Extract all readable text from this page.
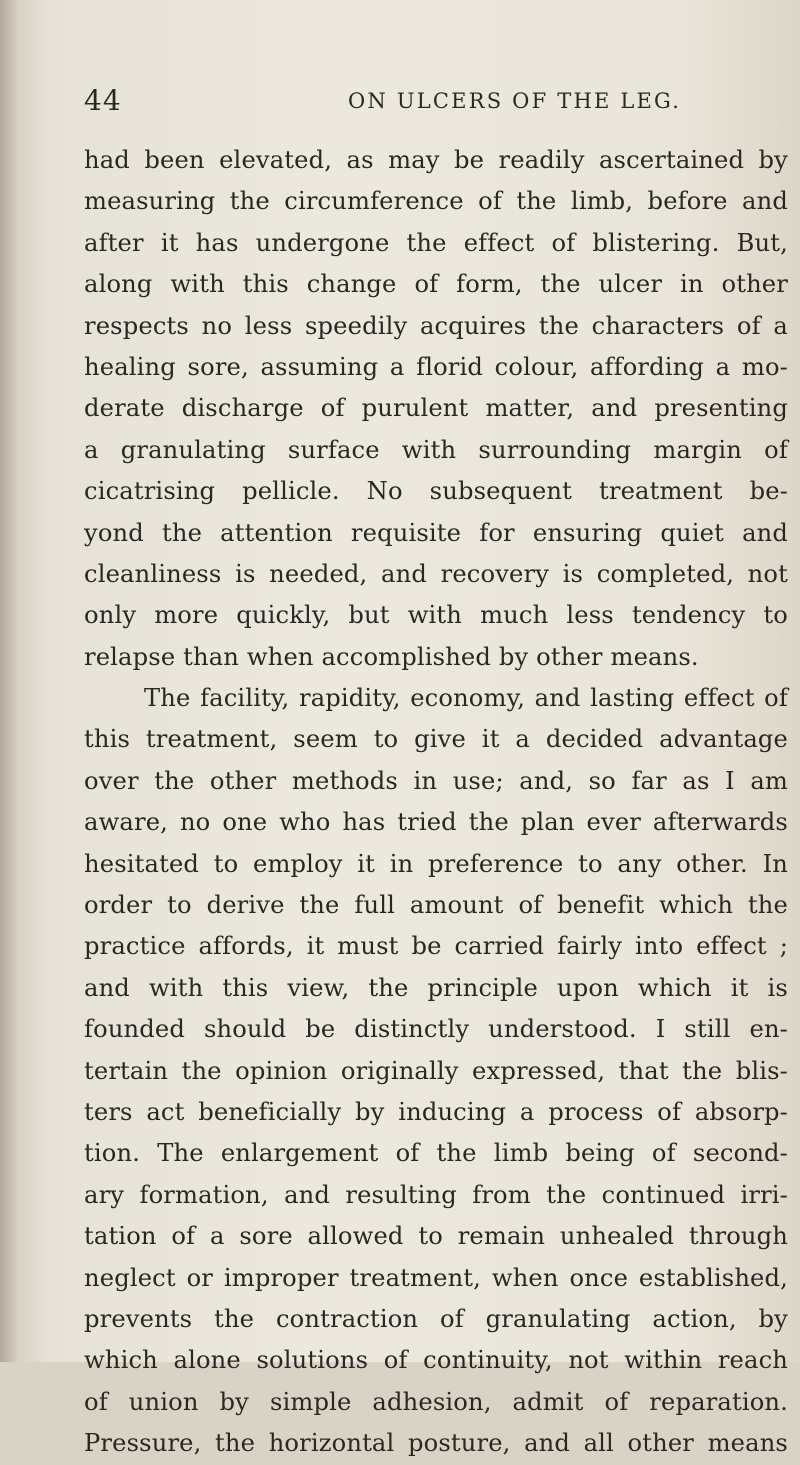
44	ON ULCERS OF THE LEG.
had been elevated, as may be readily ascertained by
measuring the circumference of the limb, before and
after it has undergone the effect of blistering. But,
along with this change of form, the ulcer in other
respects no less speedily acquires the characters of a
healing sore, assuming a florid colour, affording a mo-
derate discharge of purulent matter, and presenting
a granulating surface with surrounding margin of
cicatrising pellicle. No subsequent treatment be-
yond the attention requisite for ensuring quiet and
cleanliness is needed, and recovery is completed, not
only more quickly, but with much less tendency to
relapse than when accomplished by other means.
The facility, rapidity, economy, and lasting effect of
this treatment, seem to give it a decided advantage
over the other methods in use; and, so far as I am
aware, no one who has tried the plan ever afterwards
hesitated to employ it in preference to any other. In
order to derive the full amount of benefit which the
practice affords, it must be carried fairly into effect ;
and with this view, the principle upon which it is
founded should be distinctly understood. I still en-
tertain the opinion originally expressed, that the blis-
ters act beneficially by inducing a process of absorp-
tion. The enlargement of the limb being of second-
ary formation, and resulting from the continued irri-
tation of a sore allowed to remain unhealed through
neglect or improper treatment, when once established,
prevents the contraction of granulating action, by
which alone solutions of continuity, not within reach
of union by simple adhesion, admit of reparation.
Pressure, the horizontal posture, and all other means
